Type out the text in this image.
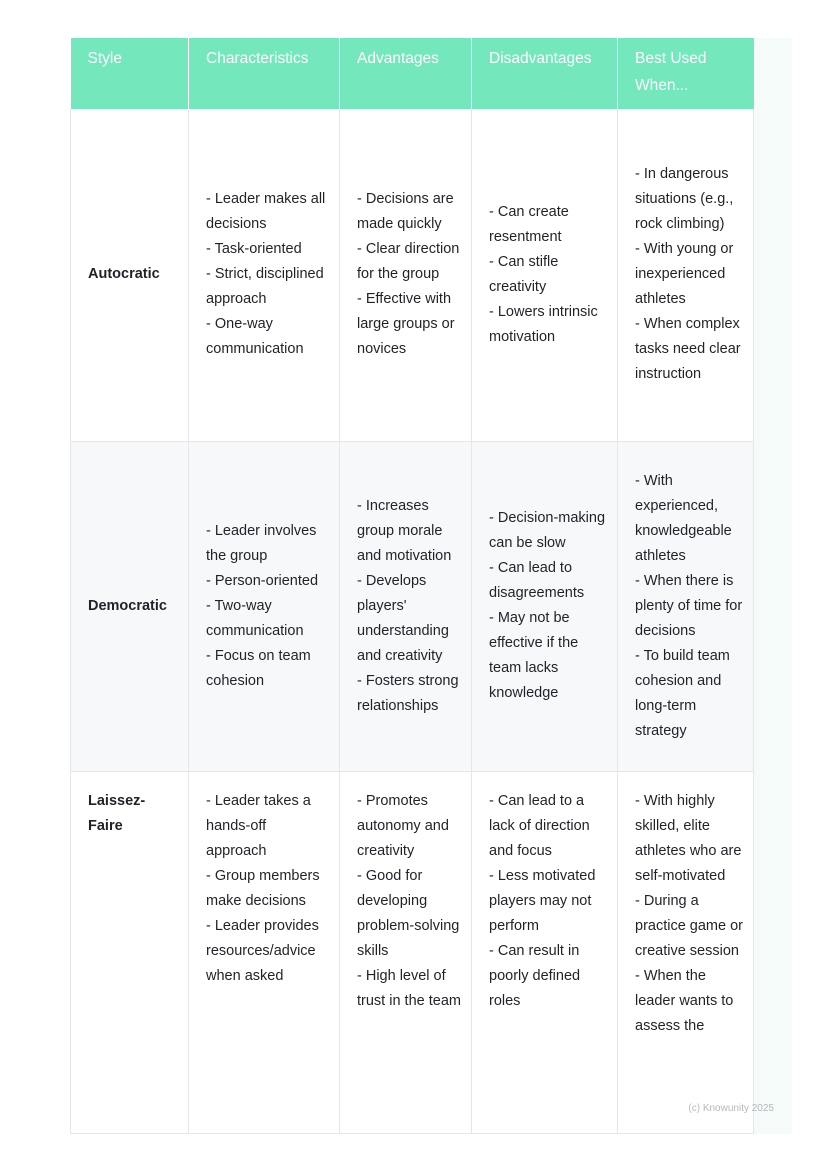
Style	Characteristics	Advantages	Disadvantages	Best Used When...
Autocratic	- Leader makes all decisions
- Task-oriented
- Strict, disciplined approach
- One-way communication	- Decisions are made quickly
- Clear direction for the group
- Effective with large groups or novices	- Can create resentment
- Can stifle creativity
- Lowers intrinsic motivation	- In dangerous situations (e.g., rock climbing)
- With young or inexperienced athletes
- When complex tasks need clear instruction
Democratic	- Leader involves the group
- Person-oriented
- Two-way communication
- Focus on team cohesion	- Increases group morale and motivation
- Develops players' understanding and creativity
- Fosters strong relationships	- Decision-making can be slow
- Can lead to disagreements
- May not be effective if the team lacks knowledge	- With experienced, knowledgeable athletes
- When there is plenty of time for decisions
- To build team cohesion and long-term strategy
Laissez-Faire	- Leader takes a hands-off approach
- Group members make decisions
- Leader provides resources/advice when asked	- Promotes autonomy and creativity
- Good for developing problem-solving skills
- High level of trust in the team	- Can lead to a lack of direction and focus
- Less motivated players may not perform
- Can result in poorly defined roles	- With highly skilled, elite athletes who are self-motivated
- During a practice game or creative session
- When the leader wants to assess the
(c) Knowunity 2025
